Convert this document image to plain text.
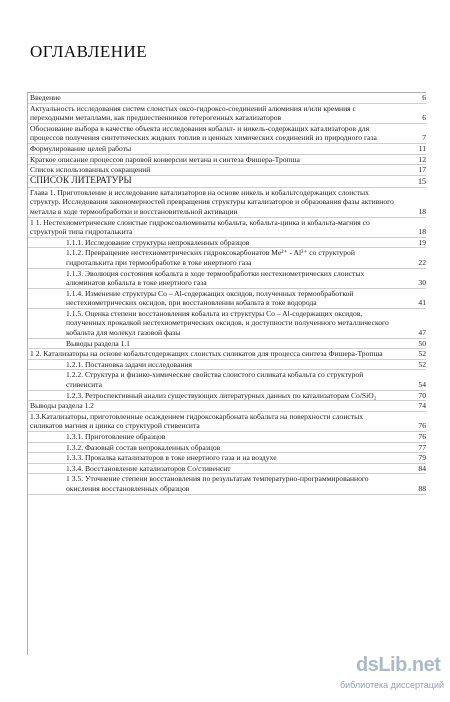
ОГЛАВЛЕНИЕ
Введение	6
Актуальность исследования систем слоистых оксо-гидроксо-соединений алюминия и/или кремния с переходными металлами, как предшественников гетерогенных катализаторов	6
Обоснование выбора в качестве объекта исследования кобальт- и никель-содержащих катализаторов для процессов получения синтетических жидких топлив и ценных химических соединений из природного газа	7
Формулирование целей работы	11
Краткое описание процессов паровой конверсии метана и синтеза Фишера-Тропша	12
Список использованных сокращений	17
СПИСОК ЛИТЕРАТУРЫ	15
Глава 1. Приготовление и исследование катализаторов на основе никель и кобальтсодержащих слоистых структур. Исследования закономерностей превращения структуры катализаторов и образования фазы активного металла в ходе термообработки и восстановительной активации	18
1 1. Нестехиометрические слоистые гидроксоалюминаты кобальта, кобальта-цинка и кобальта-магния со структурой типа гидроталькита	18
1.1.1. Исследование структуры непрокаленных образцов	19
1.1.2. Превращение нестехиометрических гидроксокарбонатов Me²⁺ - Al³⁺ со структурой гидроталькита при термообработке в токе инертного газа	22
1.1.3. Эволюция состояния кобальта в ходе термообработки нестехиометрических слоистых алюминатов кобальта в токе инертного газа	30
1.1.4. Изменение структуры Co – Al-содержащих оксидов, полученных термообработкой нестехиометрических оксидов, при восстановлении кобальта в токе водорода	41
1.1.5. Оценка степени восстановления кобальта из структуры Co – Al-содержащих оксидов, полученных прокалкой нестехиометрических оксидов, и доступности полученного металлического кобальта для молекул газовой фазы	47
Выводы раздела 1.1	50
1 2. Катализаторы на основе кобальтсодержащих слоистых силикатов для процесса синтеза Фишера-Тропша	52
1.2.1. Постановка задачи исследования	52
1.2.2. Структура и физико-химические свойства слоистого силиката кобальта со структурой стивенсита	54
1.2.3. Ретроспективный анализ существующих литературных данных по катализаторам Co/SiO₂	70
Выводы раздела 1.2	74
1.3.Катализаторы, приготовленные осаждением гидроксокарбоната кобальта на поверхности слоистых силикатов магния и цинка со структурой стивенсита	76
1.3.1. Приготовление образцов	76
1.3.2. Фазовый состав непрокаленных образцов	77
1.3.3. Прокалка катализаторов в токе инертного газа и на воздухе	79
1.3.4. Восстановление катализаторов Co/стивенсит	84
1 3.5. Уточнение степени восстановления по результатам температурно-программированного окисления восстановленных образцов	88
dsLib.net
библиотека диссертаций
